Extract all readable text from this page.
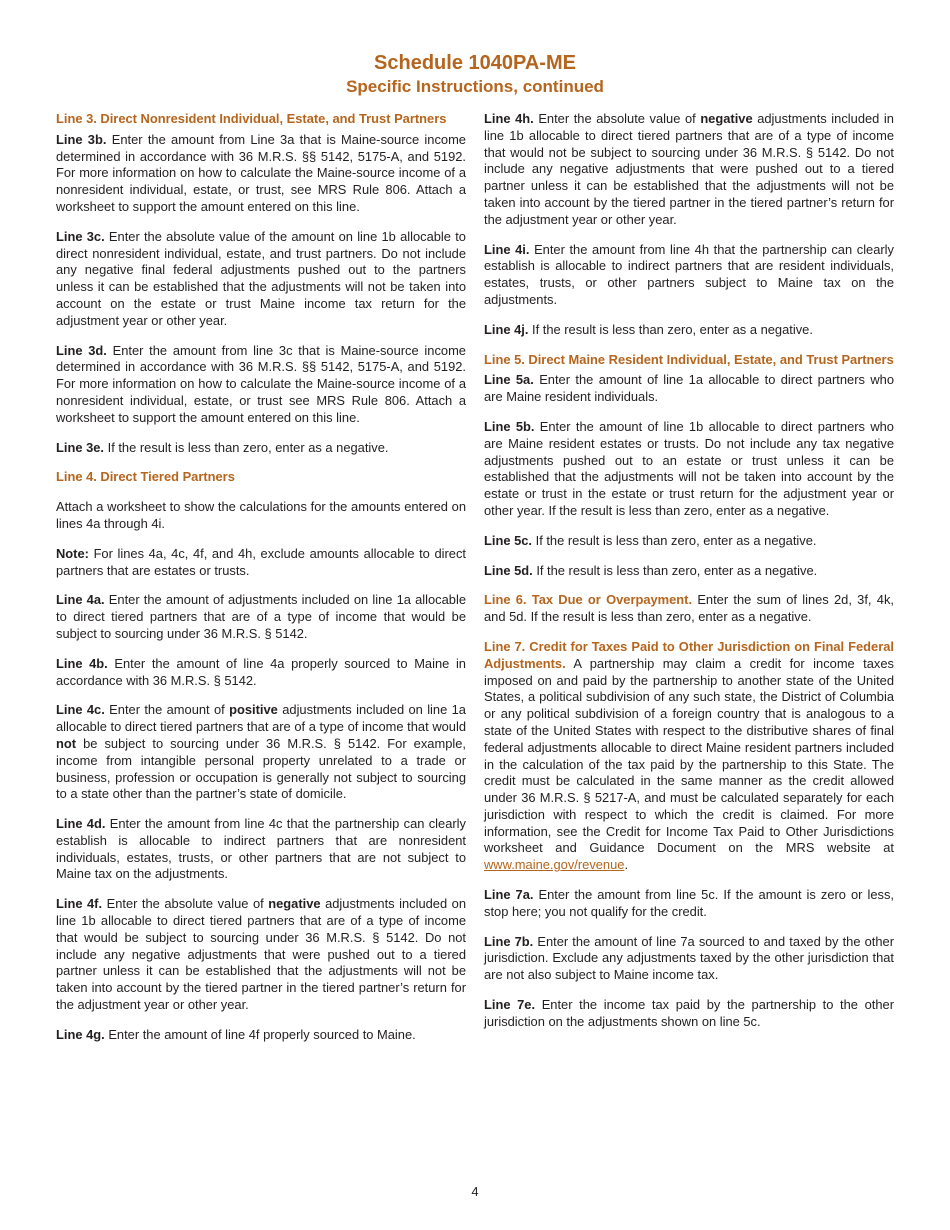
Schedule 1040PA-ME
Specific Instructions, continued

Line 3. Direct Nonresident Individual, Estate, and Trust Partners

Line 3b. Enter the amount from Line 3a that is Maine-source income determined in accordance with 36 M.R.S. §§ 5142, 5175-A, and 5192. For more information on how to calculate the Maine-source income of a nonresident individual, estate, or trust, see MRS Rule 806. Attach a worksheet to support the amount entered on this line.

Line 3c. Enter the absolute value of the amount on line 1b allocable to direct nonresident individual, estate, and trust partners. Do not include any negative final federal adjustments pushed out to the partners unless it can be established that the adjustments will not be taken into account on the estate or trust Maine income tax return for the adjustment year or other year.

Line 3d. Enter the amount from line 3c that is Maine-source income determined in accordance with 36 M.R.S. §§ 5142, 5175-A, and 5192. For more information on how to calculate the Maine-source income of a nonresident individual, estate, or trust see MRS Rule 806. Attach a worksheet to support the amount entered on this line.

Line 3e. If the result is less than zero, enter as a negative.

Line 4. Direct Tiered Partners

Attach a worksheet to show the calculations for the amounts entered on lines 4a through 4i.

Note: For lines 4a, 4c, 4f, and 4h, exclude amounts allocable to direct partners that are estates or trusts.

Line 4a. Enter the amount of adjustments included on line 1a allocable to direct tiered partners that are of a type of income that would be subject to sourcing under 36 M.R.S. § 5142.

Line 4b. Enter the amount of line 4a properly sourced to Maine in accordance with 36 M.R.S. § 5142.

Line 4c. Enter the amount of positive adjustments included on line 1a allocable to direct tiered partners that are of a type of income that would not be subject to sourcing under 36 M.R.S. § 5142. For example, income from intangible personal property unrelated to a trade or business, profession or occupation is generally not subject to sourcing to a state other than the partner’s state of domicile.

Line 4d. Enter the amount from line 4c that the partnership can clearly establish is allocable to indirect partners that are nonresident individuals, estates, trusts, or other partners that are not subject to Maine tax on the adjustments.

Line 4f. Enter the absolute value of negative adjustments included on line 1b allocable to direct tiered partners that are of a type of income that would be subject to sourcing under 36 M.R.S. § 5142. Do not include any negative adjustments that were pushed out to a tiered partner unless it can be established that the adjustments will not be taken into account by the tiered partner in the tiered partner’s return for the adjustment year or other year.

Line 4g. Enter the amount of line 4f properly sourced to Maine.

Line 4h. Enter the absolute value of negative adjustments included in line 1b allocable to direct tiered partners that are of a type of income that would not be subject to sourcing under 36 M.R.S. § 5142. Do not include any negative adjustments that were pushed out to a tiered partner unless it can be established that the adjustments will not be taken into account by the tiered partner in the tiered partner’s return for the adjustment year or other year.

Line 4i. Enter the amount from line 4h that the partnership can clearly establish is allocable to indirect partners that are resident individuals, estates, trusts, or other partners subject to Maine tax on the adjustments.

Line 4j. If the result is less than zero, enter as a negative.

Line 5. Direct Maine Resident Individual, Estate, and Trust Partners

Line 5a. Enter the amount of line 1a allocable to direct partners who are Maine resident individuals.

Line 5b. Enter the amount of line 1b allocable to direct partners who are Maine resident estates or trusts. Do not include any tax negative adjustments pushed out to an estate or trust unless it can be established that the adjustments will not be taken into account by the estate or trust in the estate or trust return for the adjustment year or other year. If the result is less than zero, enter as a negative.

Line 5c. If the result is less than zero, enter as a negative.

Line 5d. If the result is less than zero, enter as a negative.

Line 6. Tax Due or Overpayment. Enter the sum of lines 2d, 3f, 4k, and 5d. If the result is less than zero, enter as a negative.

Line 7. Credit for Taxes Paid to Other Jurisdiction on Final Federal Adjustments. A partnership may claim a credit for income taxes imposed on and paid by the partnership to another state of the United States, a political subdivision of any such state, the District of Columbia or any political subdivision of a foreign country that is analogous to a state of the United States with respect to the distributive shares of final federal adjustments allocable to direct Maine resident partners included in the calculation of the tax paid by the partnership to this State. The credit must be calculated in the same manner as the credit allowed under 36 M.R.S. § 5217-A, and must be calculated separately for each jurisdiction with respect to which the credit is claimed. For more information, see the Credit for Income Tax Paid to Other Jurisdictions worksheet and Guidance Document on the MRS website at www.maine.gov/revenue.

Line 7a. Enter the amount from line 5c. If the amount is zero or less, stop here; you not qualify for the credit.

Line 7b. Enter the amount of line 7a sourced to and taxed by the other jurisdiction. Exclude any adjustments taxed by the other jurisdiction that are not also subject to Maine income tax.

Line 7e. Enter the income tax paid by the partnership to the other jurisdiction on the adjustments shown on line 5c.

4
